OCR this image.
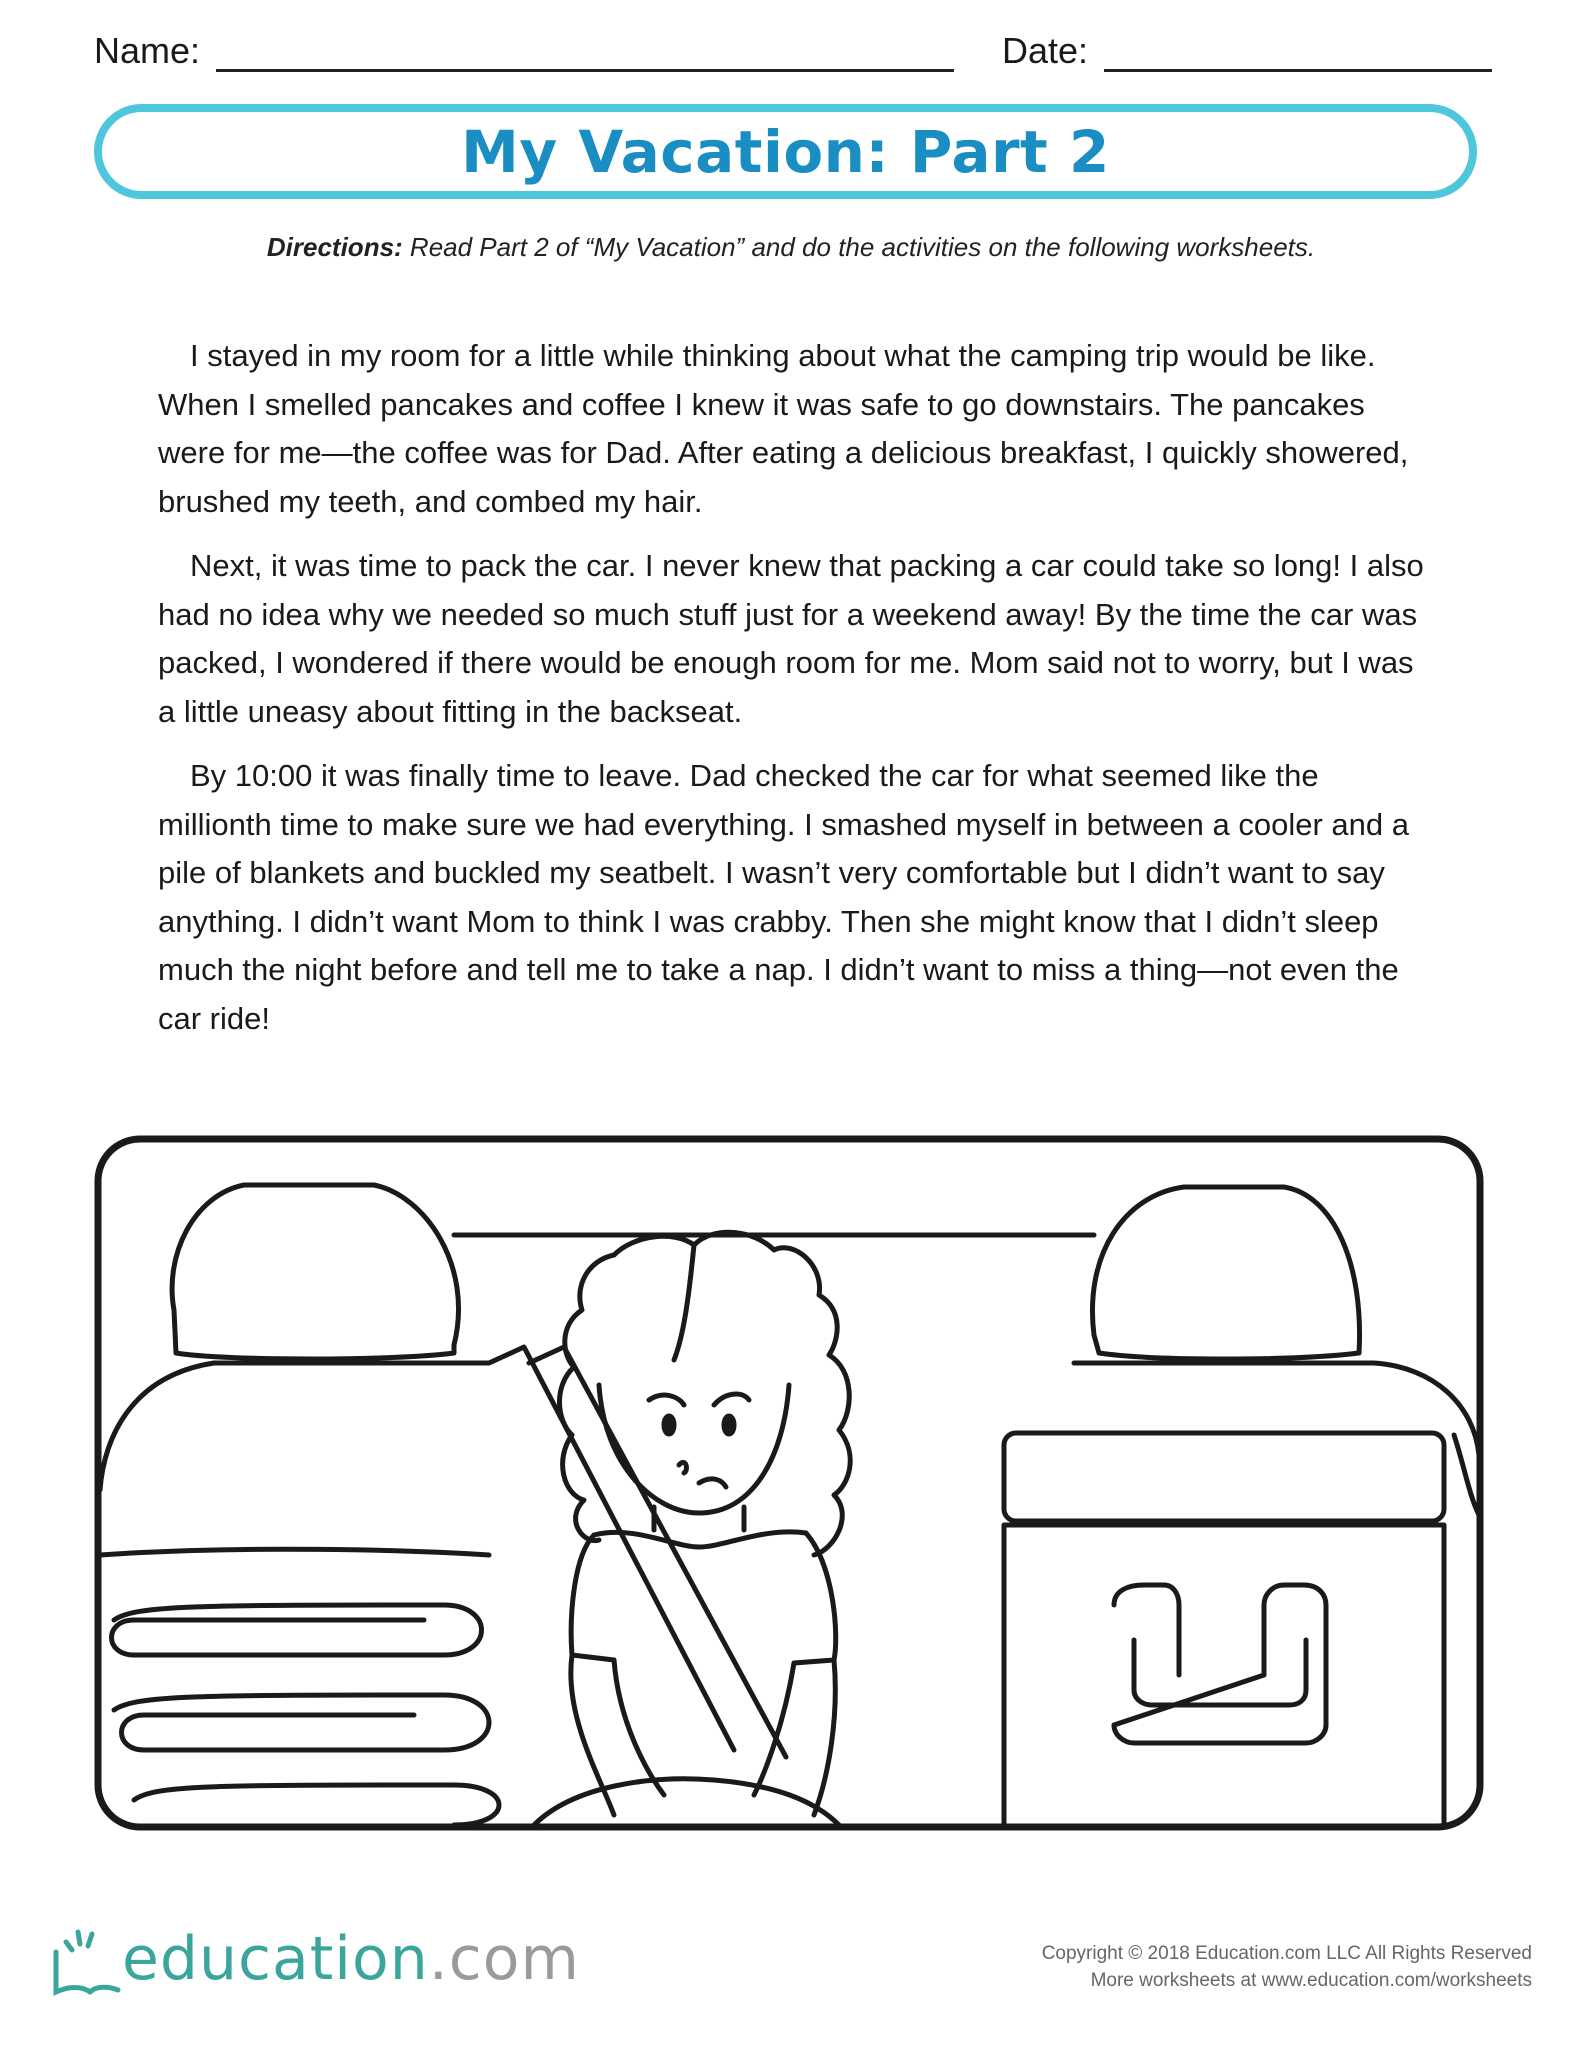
Name:	Date:
My Vacation: Part 2
Directions: Read Part 2 of “My Vacation” and do the activities on the following worksheets.

I stayed in my room for a little while thinking about what the camping trip would be like. When I smelled pancakes and coffee I knew it was safe to go downstairs. The pancakes were for me—the coffee was for Dad. After eating a delicious breakfast, I quickly showered, brushed my teeth, and combed my hair.

Next, it was time to pack the car. I never knew that packing a car could take so long! I also had no idea why we needed so much stuff just for a weekend away! By the time the car was packed, I wondered if there would be enough room for me. Mom said not to worry, but I was a little uneasy about fitting in the backseat.

By 10:00 it was finally time to leave. Dad checked the car for what seemed like the millionth time to make sure we had everything. I smashed myself in between a cooler and a pile of blankets and buckled my seatbelt. I wasn’t very comfortable but I didn’t want to say anything. I didn’t want Mom to think I was crabby. Then she might know that I didn’t sleep much the night before and tell me to take a nap. I didn’t want to miss a thing—not even the car ride!

education.com	Copyright © 2018 Education.com LLC All Rights Reserved
More worksheets at www.education.com/worksheets
